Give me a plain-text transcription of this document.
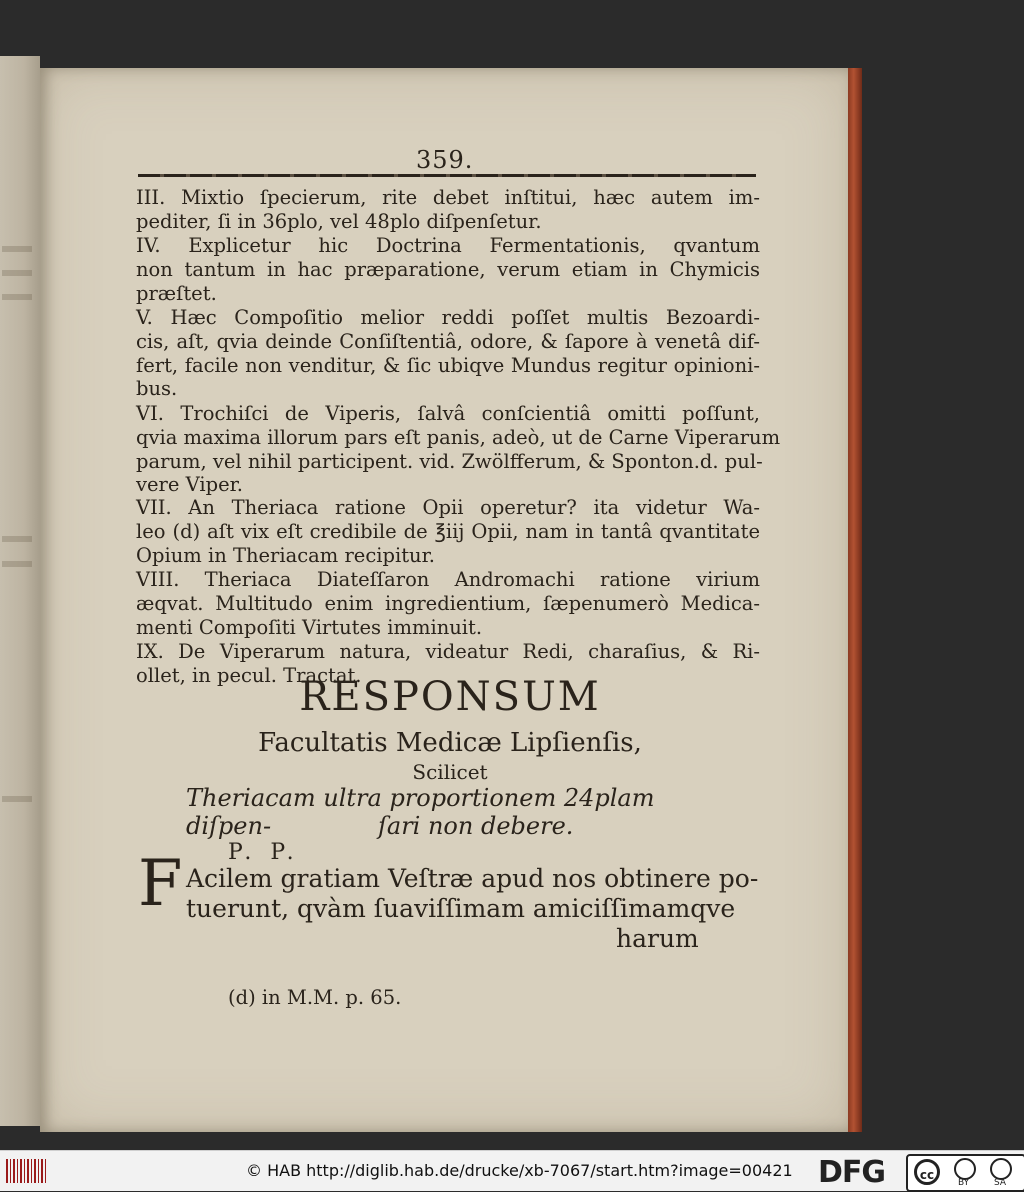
359.
III. Mixtio ſpecierum, rite debet inſtitui, hæc autem im-
pediter, ſi in 36plo, vel 48plo diſpenſetur.
IV. Explicetur hic Doctrina Fermentationis, qvantum
non tantum in hac præparatione, verum etiam in Chymicis
præſtet.
V. Hæc Compoſitio melior reddi poſſet multis Bezoardi-
cis, aſt, qvia deinde Conſiſtentiâ, odore, & ſapore à venetâ dif-
fert, facile non venditur, & ſic ubiqve Mundus regitur opinioni-
bus.
VI. Trochiſci de Viperis, ſalvâ conſcientiâ omitti poſſunt,
qvia maxima illorum pars eſt panis, adeò, ut de Carne Viperarum
parum, vel nihil participent. vid. Zwölfferum, & Sponton.d. pul-
vere Viper.
VII. An Theriaca ratione Opii operetur? ita videtur Wa-
leo (d) aſt vix eſt credibile de ℥iij Opii, nam in tantâ qvantitate
Opium in Theriacam recipitur.
VIII. Theriaca Diateſſaron Andromachi ratione virium
æqvat. Multitudo enim ingredientium, ſæpenumerò Medica-
menti Compoſiti Virtutes imminuit.
IX. De Viperarum natura, videatur Redi, charaſius, & Ri-
ollet, in pecul. Tractat.
RESPONSUM
Facultatis Medicæ Lipſienſis,
Scilicet
Theriacam ultra proportionem 24plam diſpen-	ſari non debere.
P. P.
F Acilem gratiam Veſtræ apud nos obtinere po-
tuerunt, qvàm ſuaviſſimam amiciſſimamqve
harum
(d) in M.M. p. 65.
© HAB http://diglib.hab.de/drucke/xb-7067/start.htm?image=00421 DFG	cc
BY	SA
